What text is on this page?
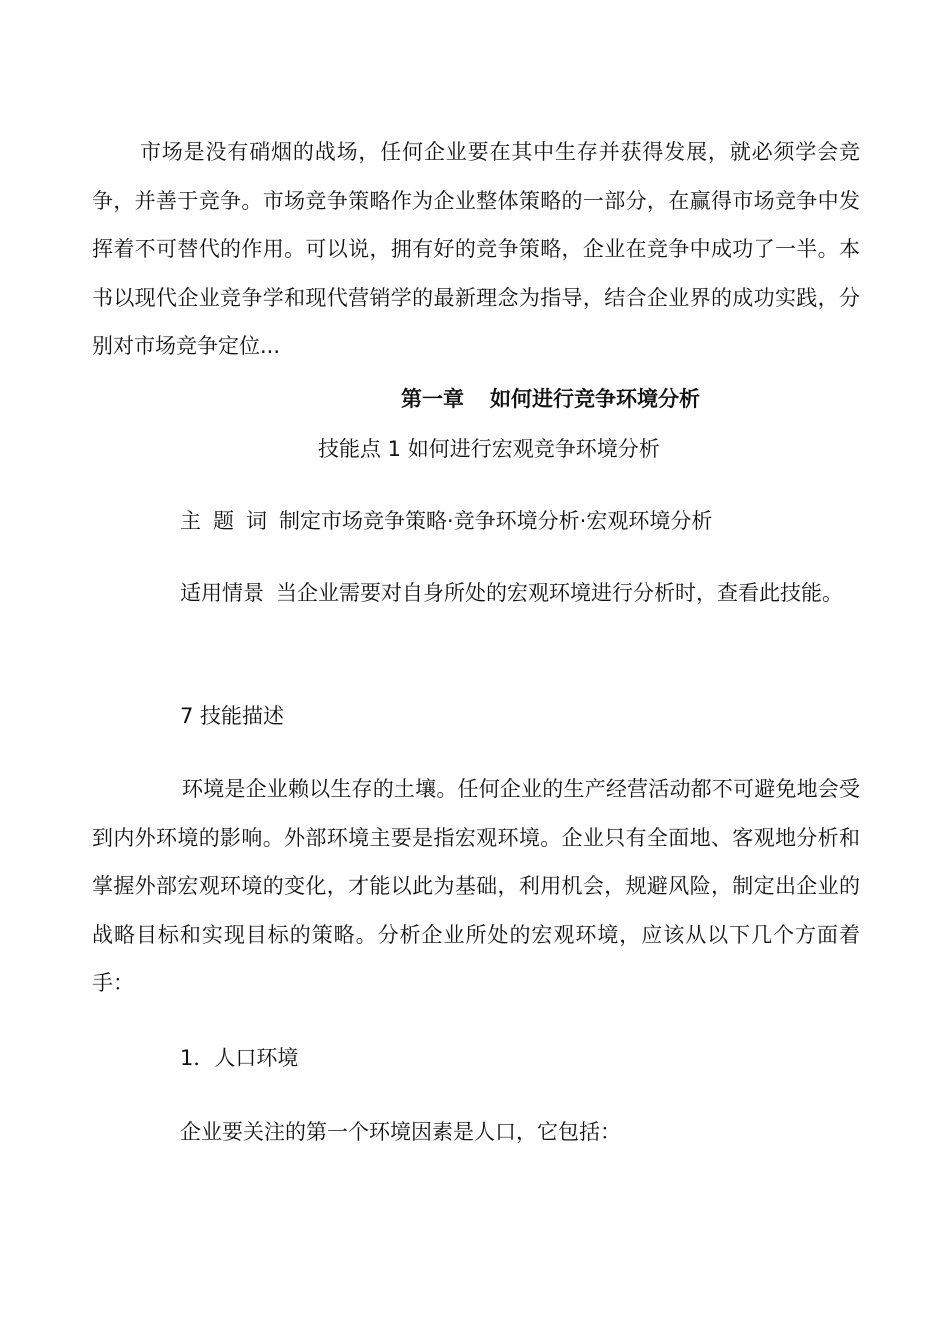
市场是没有硝烟的战场，任何企业要在其中生存并获得发展，就必须学会竞争，并善于竞争。市场竞争策略作为企业整体策略的一部分，在赢得市场竞争中发挥着不可替代的作用。可以说，拥有好的竞争策略，企业在竞争中成功了一半。本书以现代企业竞争学和现代营销学的最新理念为指导，结合企业界的成功实践，分别对市场竞争定位...

第一章 如何进行竞争环境分析
技能点 1 如何进行宏观竞争环境分析
主 题 词 制定市场竞争策略·竞争环境分析·宏观环境分析

适用情景 当企业需要对自身所处的宏观环境进行分析时，查看此技能。

7 技能描述

环境是企业赖以生存的土壤。任何企业的生产经营活动都不可避免地会受到内外环境的影响。外部环境主要是指宏观环境。企业只有全面地、客观地分析和掌握外部宏观环境的变化，才能以此为基础，利用机会，规避风险，制定出企业的战略目标和实现目标的策略。分析企业所处的宏观环境，应该从以下几个方面着手：

1．人口环境
企业要关注的第一个环境因素是人口，它包括：
